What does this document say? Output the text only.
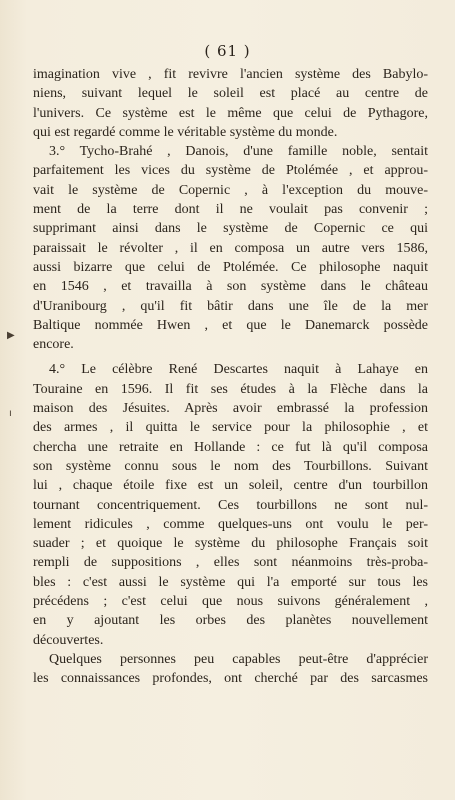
( 61 )
▶
ı
imagination vive , fit revivre l'ancien système des Babylo-
niens, suivant lequel le soleil est placé au centre de
l'univers. Ce système est le même que celui de Pythagore,
qui est regardé comme le véritable système du monde.
3.° Tycho-Brahé , Danois, d'une famille noble, sentait
parfaitement les vices du système de Ptolémée , et approu-
vait le système de Copernic , à l'exception du mouve-
ment de la terre dont il ne voulait pas convenir ;
supprimant ainsi dans le système de Copernic ce qui
paraissait le révolter , il en composa un autre vers 1586,
aussi bizarre que celui de Ptolémée. Ce philosophe naquit
en 1546 , et travailla à son système dans le château
d'Uranibourg , qu'il fit bâtir dans une île de la mer
Baltique nommée Hwen , et que le Danemarck possède
encore.
4.° Le célèbre René Descartes naquit à Lahaye en
Touraine en 1596. Il fit ses études à la Flèche dans la
maison des Jésuites. Après avoir embrassé la profession
des armes , il quitta le service pour la philosophie , et
chercha une retraite en Hollande : ce fut là qu'il composa
son système connu sous le nom des Tourbillons. Suivant
lui , chaque étoile fixe est un soleil, centre d'un tourbillon
tournant concentriquement. Ces tourbillons ne sont nul-
lement ridicules , comme quelques-uns ont voulu le per-
suader ; et quoique le système du philosophe Français soit
rempli de suppositions , elles sont néanmoins très-proba-
bles : c'est aussi le système qui l'a emporté sur tous les
précédens ; c'est celui que nous suivons généralement ,
en y ajoutant les orbes des planètes nouvellement
découvertes.
Quelques personnes peu capables peut-être d'apprécier
les connaissances profondes, ont cherché par des sarcasmes
